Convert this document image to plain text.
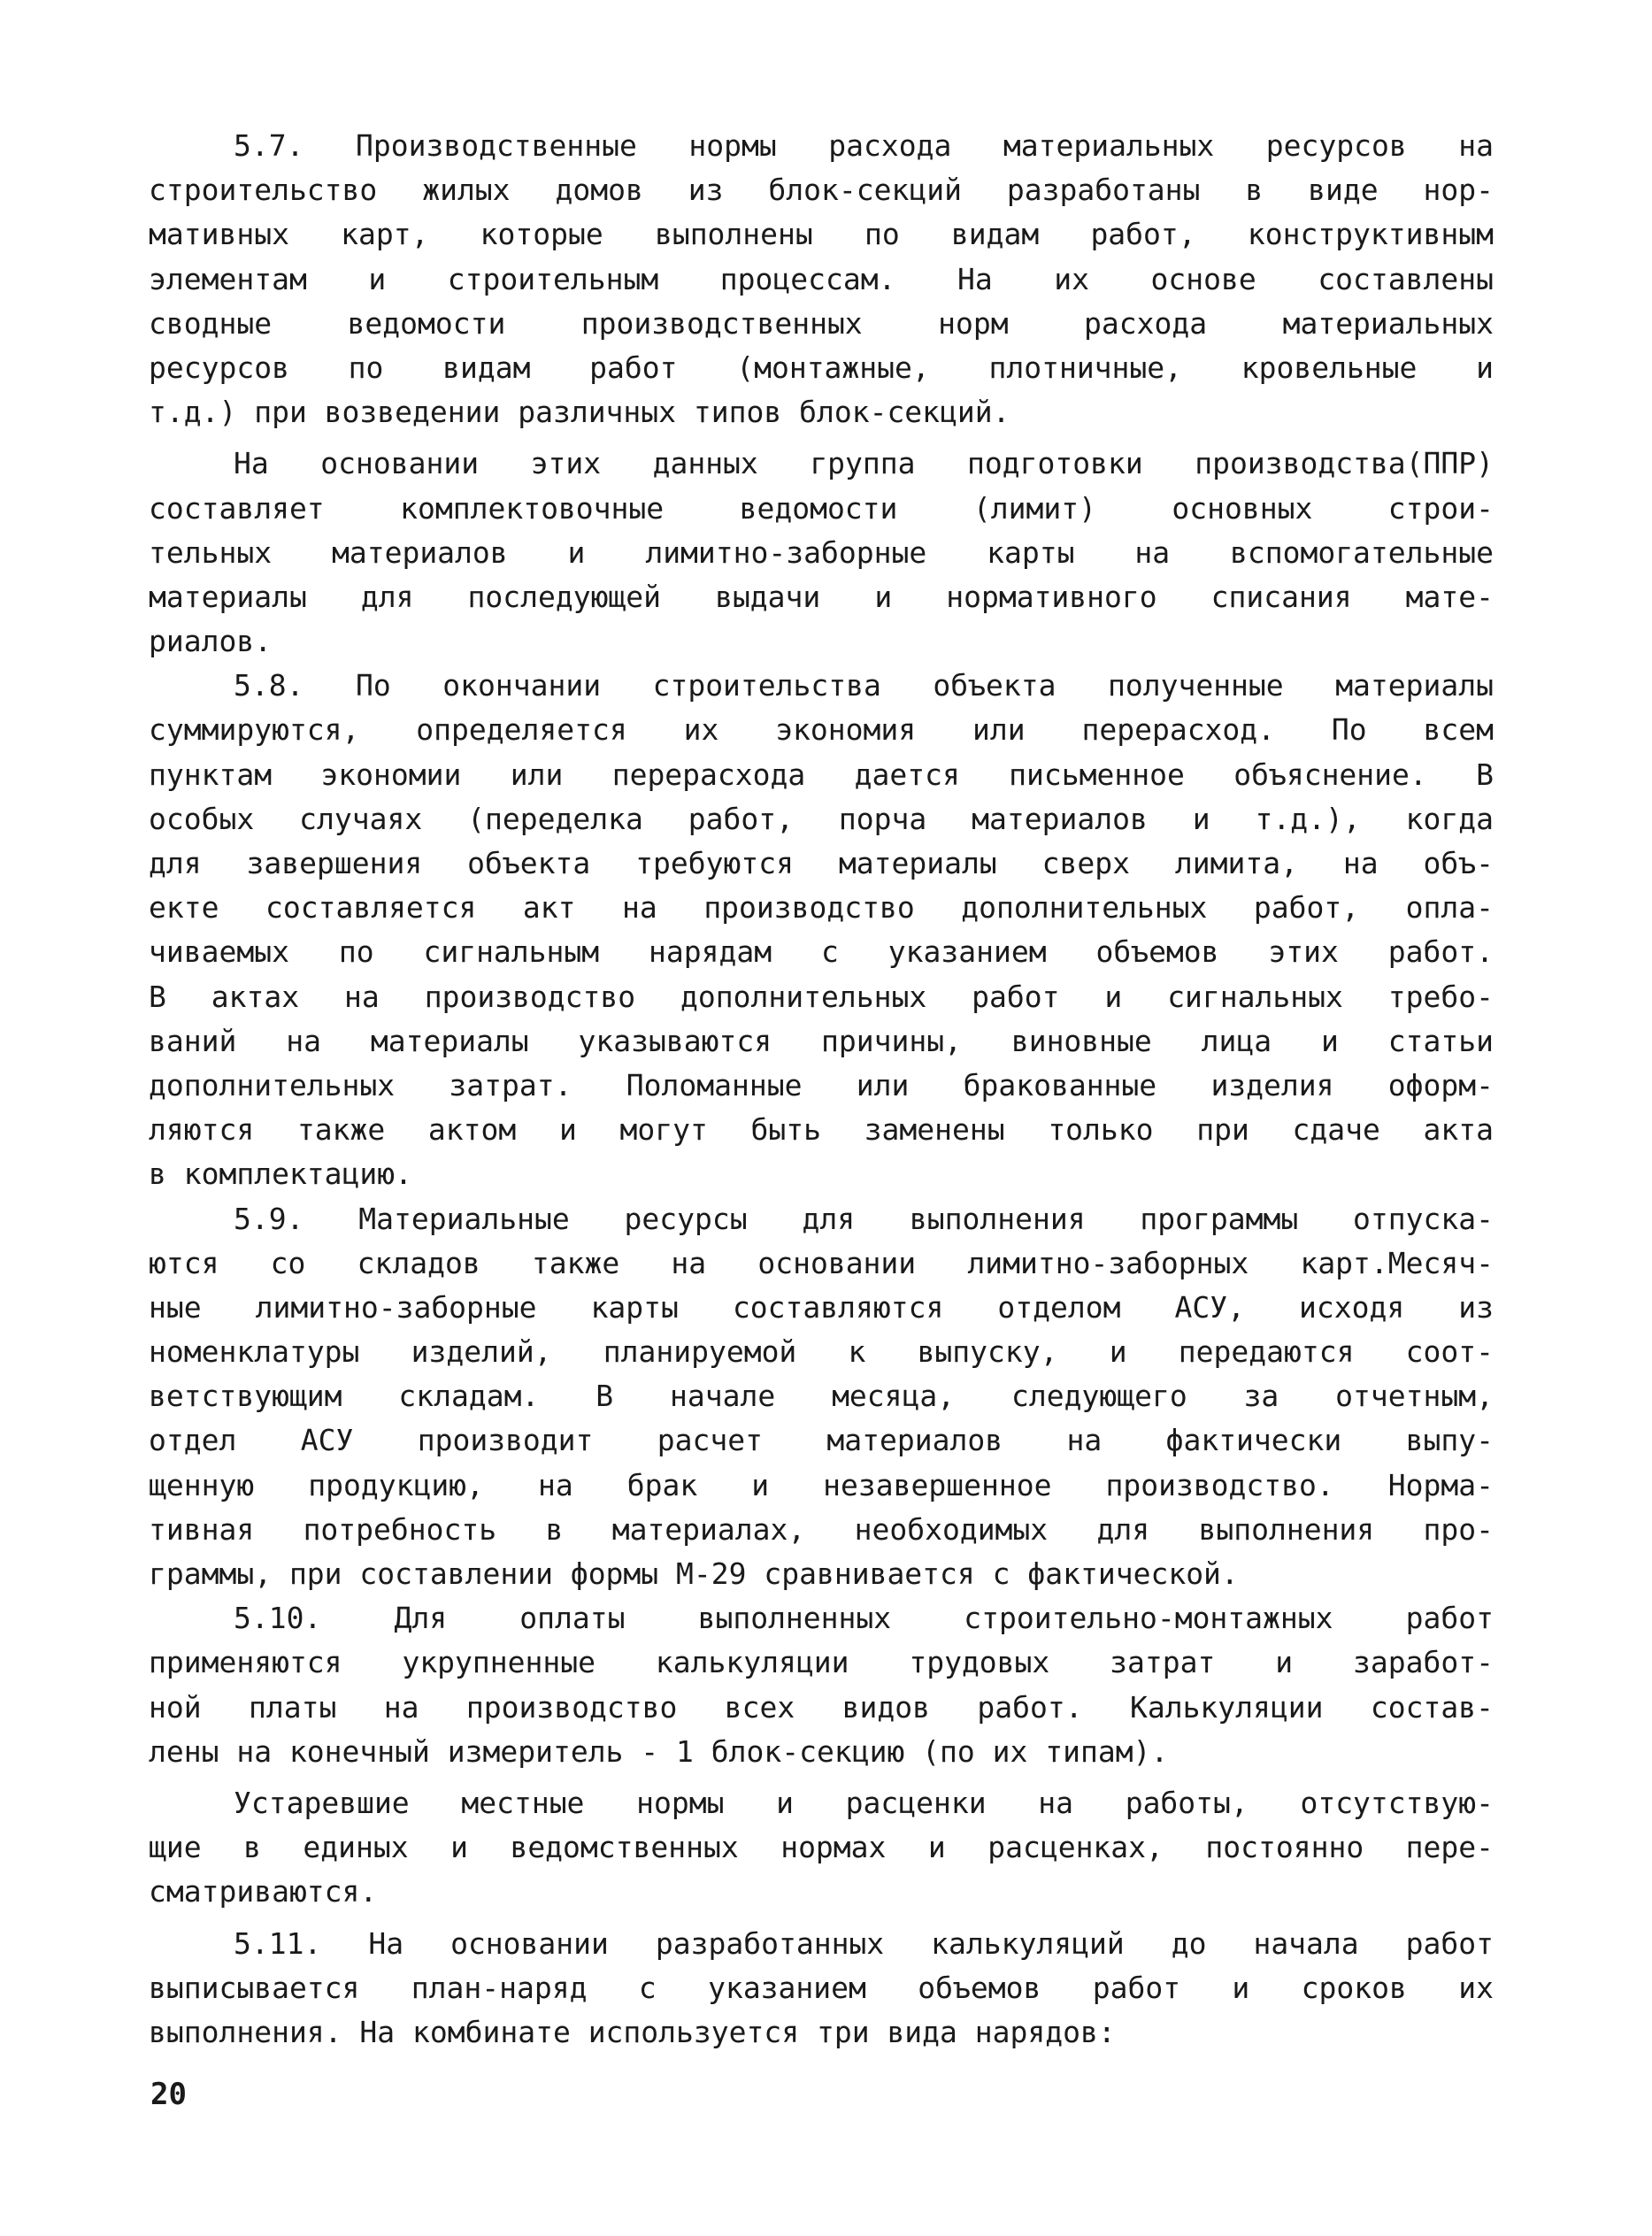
5.7. Производственные нормы расхода материальных ресурсов на
строительство жилых домов из блок-секций разработаны в виде нор-
мативных карт, которые выполнены по видам работ, конструктивным
элементам и строительным процессам. На их основе составлены
сводные ведомости производственных норм расхода материальных
ресурсов по видам работ (монтажные, плотничные, кровельные и
т.д.) при возведении различных типов блок-секций.
На основании этих данных группа подготовки производства(ППР)
составляет комплектовочные ведомости (лимит) основных строи-
тельных материалов и лимитно-заборные карты на вспомогательные
материалы для последующей выдачи и нормативного списания мате-
риалов.
5.8. По окончании строительства объекта полученные материалы
суммируются, определяется их экономия или перерасход. По всем
пунктам экономии или перерасхода дается письменное объяснение. В
особых случаях (переделка работ, порча материалов и т.д.), когда
для завершения объекта требуются материалы сверх лимита, на объ-
екте составляется акт на производство дополнительных работ, опла-
чиваемых по сигнальным нарядам с указанием объемов этих работ.
В актах на производство дополнительных работ и сигнальных требо-
ваний на материалы указываются причины, виновные лица и статьи
дополнительных затрат. Поломанные или бракованные изделия оформ-
ляются также актом и могут быть заменены только при сдаче акта
в комплектацию.
5.9. Материальные ресурсы для выполнения программы отпуска-
ются со складов также на основании лимитно-заборных карт.Месяч-
ные лимитно-заборные карты составляются отделом АСУ, исходя из
номенклатуры изделий, планируемой к выпуску, и передаются соот-
ветствующим складам. В начале месяца, следующего за отчетным,
отдел АСУ производит расчет материалов на фактически выпу-
щенную продукцию, на брак и незавершенное производство. Норма-
тивная потребность в материалах, необходимых для выполнения про-
граммы, при составлении формы М-29 сравнивается с фактической.
5.10. Для оплаты выполненных строительно-монтажных работ
применяются укрупненные калькуляции трудовых затрат и заработ-
ной платы на производство всех видов работ. Калькуляции состав-
лены на конечный измеритель - 1 блок-секцию (по их типам).
Устаревшие местные нормы и расценки на работы, отсутствую-
щие в единых и ведомственных нормах и расценках, постоянно пере-
сматриваются.
5.11. На основании разработанных калькуляций до начала работ
выписывается план-наряд с указанием объемов работ и сроков их
выполнения. На комбинате используется три вида нарядов:
20
